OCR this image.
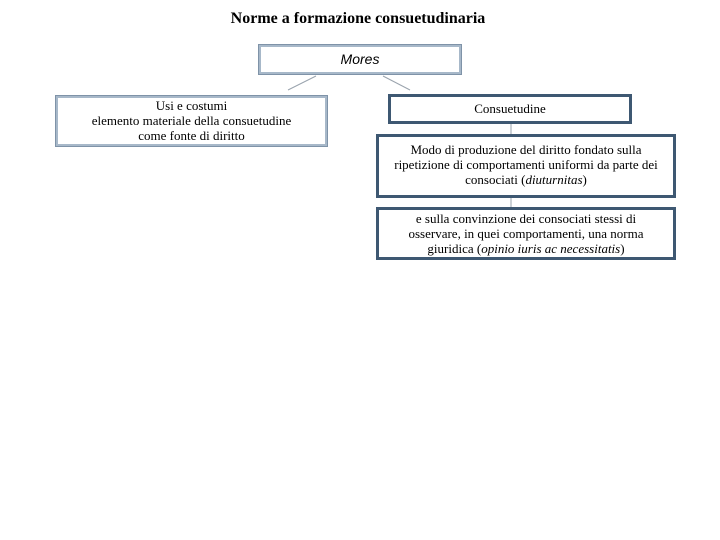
Norme a formazione consuetudinaria
Mores
Usi e costumi
elemento materiale della consuetudine
come fonte di diritto
Consuetudine
Modo di produzione del diritto fondato sulla
ripetizione di comportamenti uniformi da parte dei
consociati (diuturnitas)
e sulla convinzione dei consociati stessi di
osservare, in quei comportamenti, una norma
giuridica (opinio iuris ac necessitatis)
